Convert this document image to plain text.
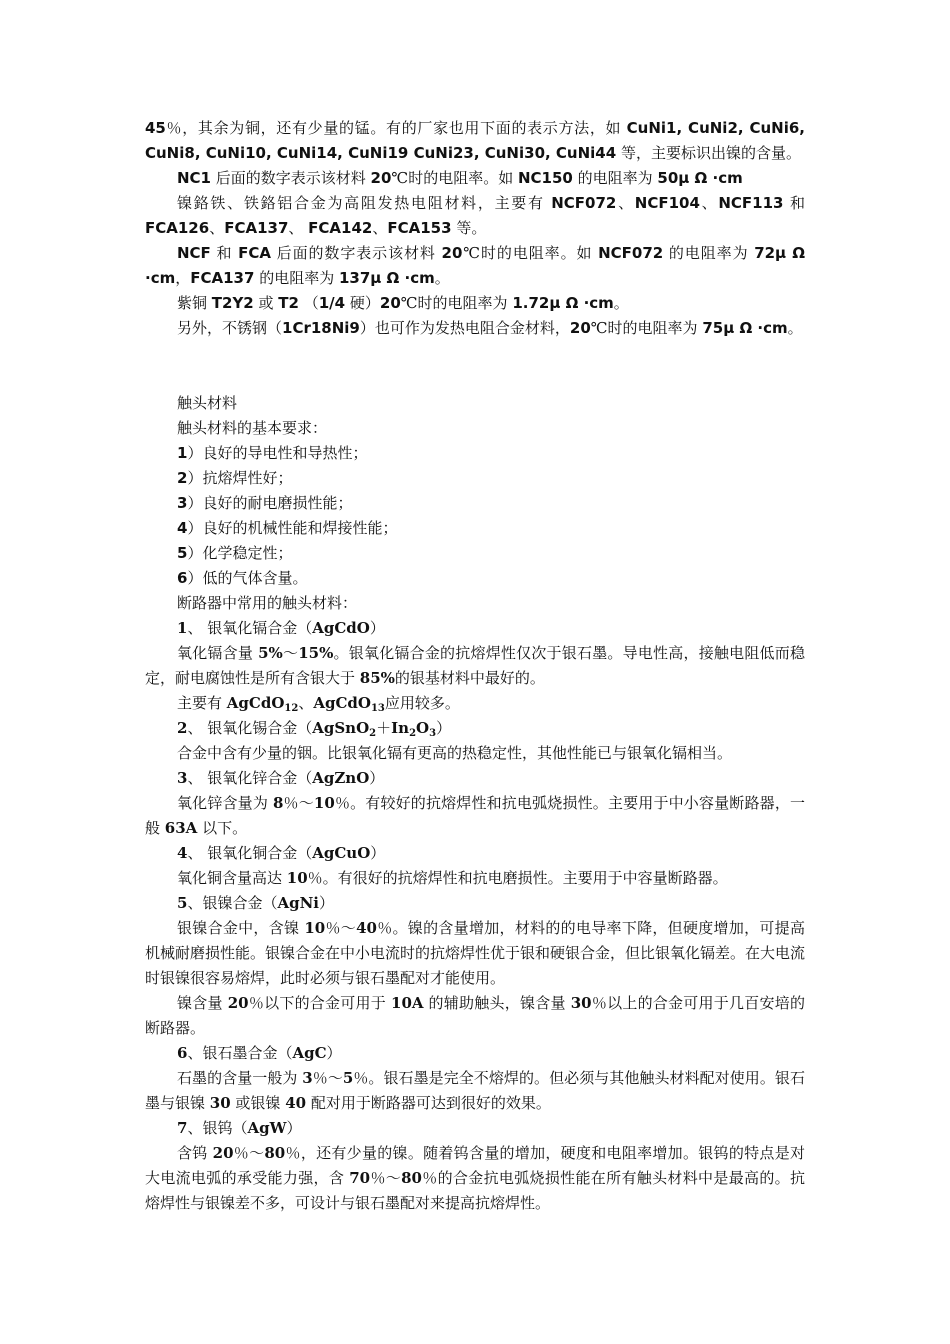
45％，其余为铜，还有少量的锰。有的厂家也用下面的表示方法，如 CuNi1, CuNi2, CuNi6, CuNi8, CuNi10, CuNi14, CuNi19 CuNi23, CuNi30, CuNi44 等，主要标识出镍的含量。

NC1 后面的数字表示该材料 20℃时的电阻率。如 NC150 的电阻率为 50μ Ω ·cm

镍鉻铁、铁鉻铝合金为高阻发热电阻材料，主要有 NCF072、NCF104、NCF113 和 FCA126、FCA137、 FCA142、FCA153 等。

NCF 和 FCA 后面的数字表示该材料 20℃时的电阻率。如 NCF072 的电阻率为 72μ Ω ·cm，FCA137 的电阻率为 137μ Ω ·cm。

紫铜 T2Y2 或 T2 （1/4 硬）20℃时的电阻率为 1.72μ Ω ·cm。

另外，不锈钢（1Cr18Ni9）也可作为发热电阻合金材料，20℃时的电阻率为 75μ Ω ·cm。

触头材料

触头材料的基本要求：

1）良好的导电性和导热性；

2）抗熔焊性好；

3）良好的耐电磨损性能；

4）良好的机械性能和焊接性能；

5）化学稳定性；

6）低的气体含量。

断路器中常用的触头材料：

1、 银氧化镉合金（AgCdO）

氧化镉含量 5%～15%。银氧化镉合金的抗熔焊性仅次于银石墨。导电性高，接触电阻低而稳定，耐电腐蚀性是所有含银大于 85%的银基材料中最好的。

主要有 AgCdO$_{12}$、AgCdO$_{13}$应用较多。

2、 银氧化锡合金$(AgSnO_2+In_2O_3)$

合金中含有少量的铟。比银氧化镉有更高的热稳定性，其他性能已与银氧化镉相当。

3、 银氧化锌合金（AgZnO）

氧化锌含量为 8％～10％。有较好的抗熔焊性和抗电弧烧损性。主要用于中小容量断路器，一般 63A 以下。

4、 银氧化铜合金（AgCuO）

氧化铜含量高达 10％。有很好的抗熔焊性和抗电磨损性。主要用于中容量断路器。

5、银镍合金（AgNi）

银镍合金中，含镍 10％～40％。镍的含量增加，材料的的电导率下降，但硬度增加，可提高机械耐磨损性能。银镍合金在中小电流时的抗熔焊性优于银和硬银合金，但比银氧化镉差。在大电流时银镍很容易熔焊，此时必须与银石墨配对才能使用。

镍含量 20％以下的合金可用于 10A 的辅助触头，镍含量 30％以上的合金可用于几百安培的断路器。

6、银石墨合金（AgC）

石墨的含量一般为 3％～5％。银石墨是完全不熔焊的。但必须与其他触头材料配对使用。银石墨与银镍 30 或银镍 40 配对用于断路器可达到很好的效果。

7、银钨（AgW）

含钨 20％～80％，还有少量的镍。随着钨含量的增加，硬度和电阻率增加。银钨的特点是对大电流电弧的承受能力强，含 70％～80％的合金抗电弧烧损性能在所有触头材料中是最高的。抗熔焊性与银镍差不多，可设计与银石墨配对来提高抗熔焊性。
